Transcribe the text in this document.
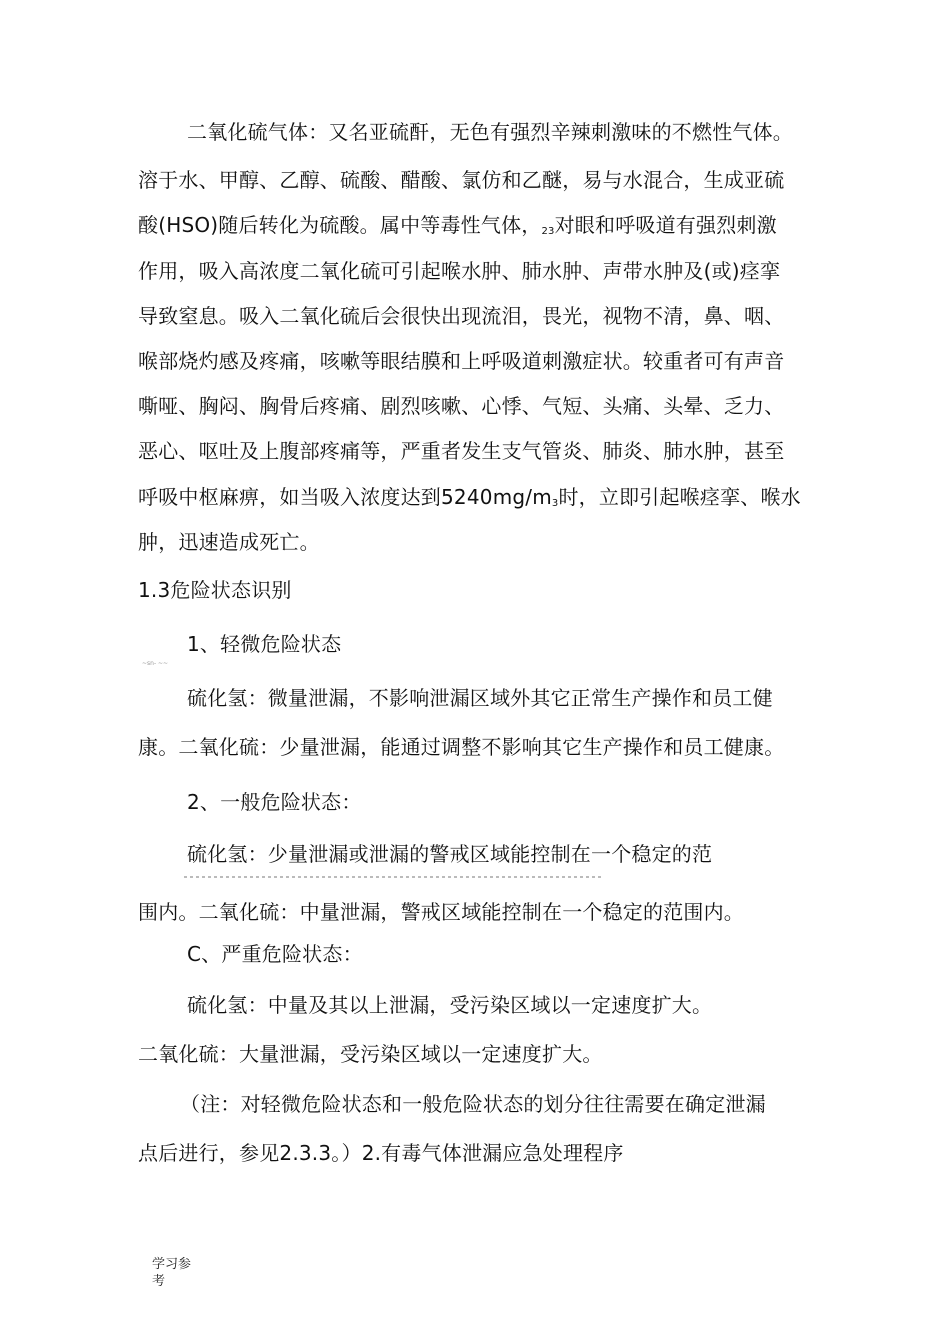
二氧化硫气体：又名亚硫酐，无色有强烈辛辣刺激味的不燃性气体。
溶于水、甲醇、乙醇、硫酸、醋酸、氯仿和乙醚，易与水混合，生成亚硫
酸(HSO)随后转化为硫酸。属中等毒性气体，23对眼和呼吸道有强烈刺激
作用，吸入高浓度二氧化硫可引起喉水肿、肺水肿、声带水肿及(或)痉挛
导致窒息。吸入二氧化硫后会很快出现流泪，畏光，视物不清，鼻、咽、
喉部烧灼感及疼痛，咳嗽等眼结膜和上呼吸道刺激症状。较重者可有声音
嘶哑、胸闷、胸骨后疼痛、剧烈咳嗽、心悸、气短、头痛、头晕、乏力、
恶心、呕吐及上腹部疼痛等，严重者发生支气管炎、肺炎、肺水肿，甚至
呼吸中枢麻痹，如当吸入浓度达到5240mg/m3时，立即引起喉痉挛、喉水
肿，迅速造成死亡。
1.3危险状态识别
1、轻微危险状态
~sn- ~~
硫化氢：微量泄漏，不影响泄漏区域外其它正常生产操作和员工健
康。二氧化硫：少量泄漏，能通过调整不影响其它生产操作和员工健康。
2、一般危险状态：
硫化氢：少量泄漏或泄漏的警戒区域能控制在一个稳定的范
围内。二氧化硫：中量泄漏，警戒区域能控制在一个稳定的范围内。
C、严重危险状态：
硫化氢：中量及其以上泄漏，受污染区域以一定速度扩大。
二氧化硫：大量泄漏，受污染区域以一定速度扩大。
（注：对轻微危险状态和一般危险状态的划分往往需要在确定泄漏
点后进行，参见2.3.3。）2.有毒气体泄漏应急处理程序
学习参
考
